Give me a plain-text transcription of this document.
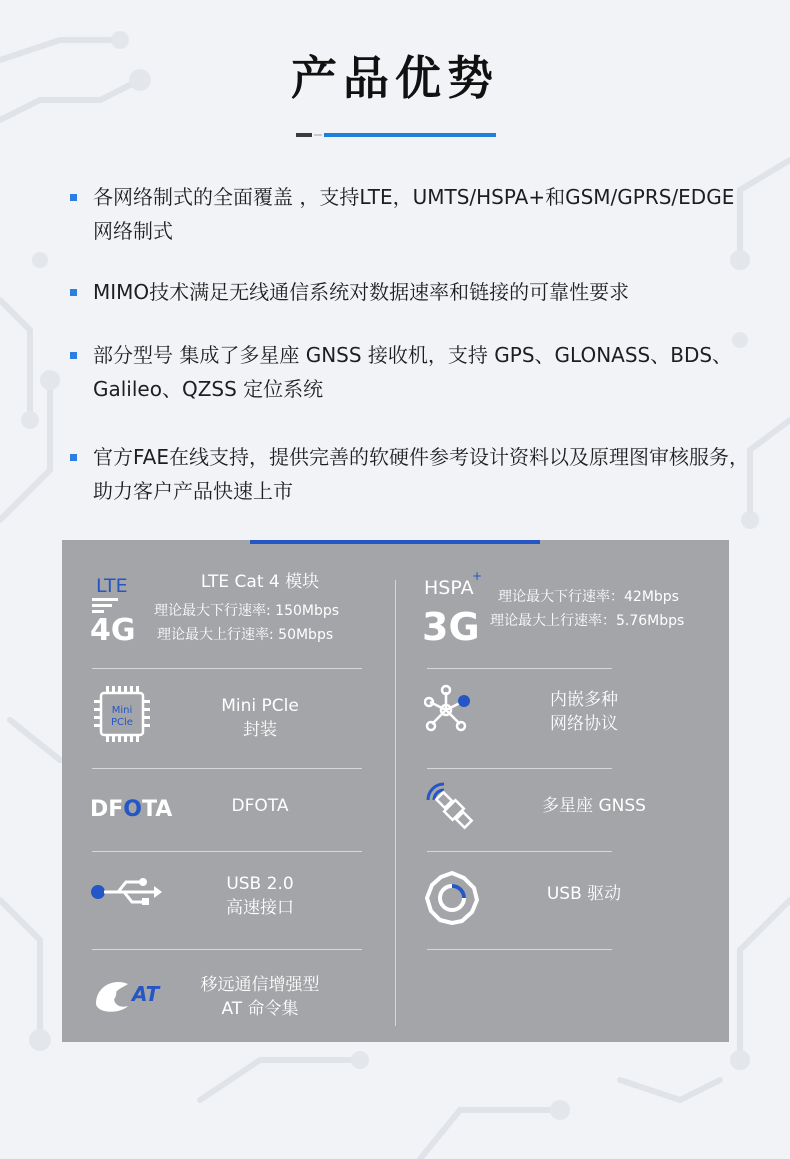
产品优势
各网络制式的全面覆盖 ，支持LTE，UMTS/HSPA+和GSM/GPRS/EDGE网络制式
MIMO技术满足无线通信系统对数据速率和链接的可靠性要求
部分型号 集成了多星座 GNSS 接收机，支持 GPS、GLONASS、BDS、Galileo、QZSS 定位系统
官方FAE在线支持，提供完善的软硬件参考设计资料以及原理图审核服务，助力客户产品快速上市
LTE
4G
LTE Cat 4 模块
理论最大下行速率: 150Mbps
理论最大上行速率: 50Mbps
HSPA
+
3G
理论最大下行速率：42Mbps
理论最大上行速率：5.76Mbps
Mini
PCle
Mini PCle
封装
内嵌多种
网络协议
DFOTA	DFOTA	多星座 GNSS
USB 2.0
高速接口
USB 驱动
Q AT	移远通信增强型
AT 命令集
